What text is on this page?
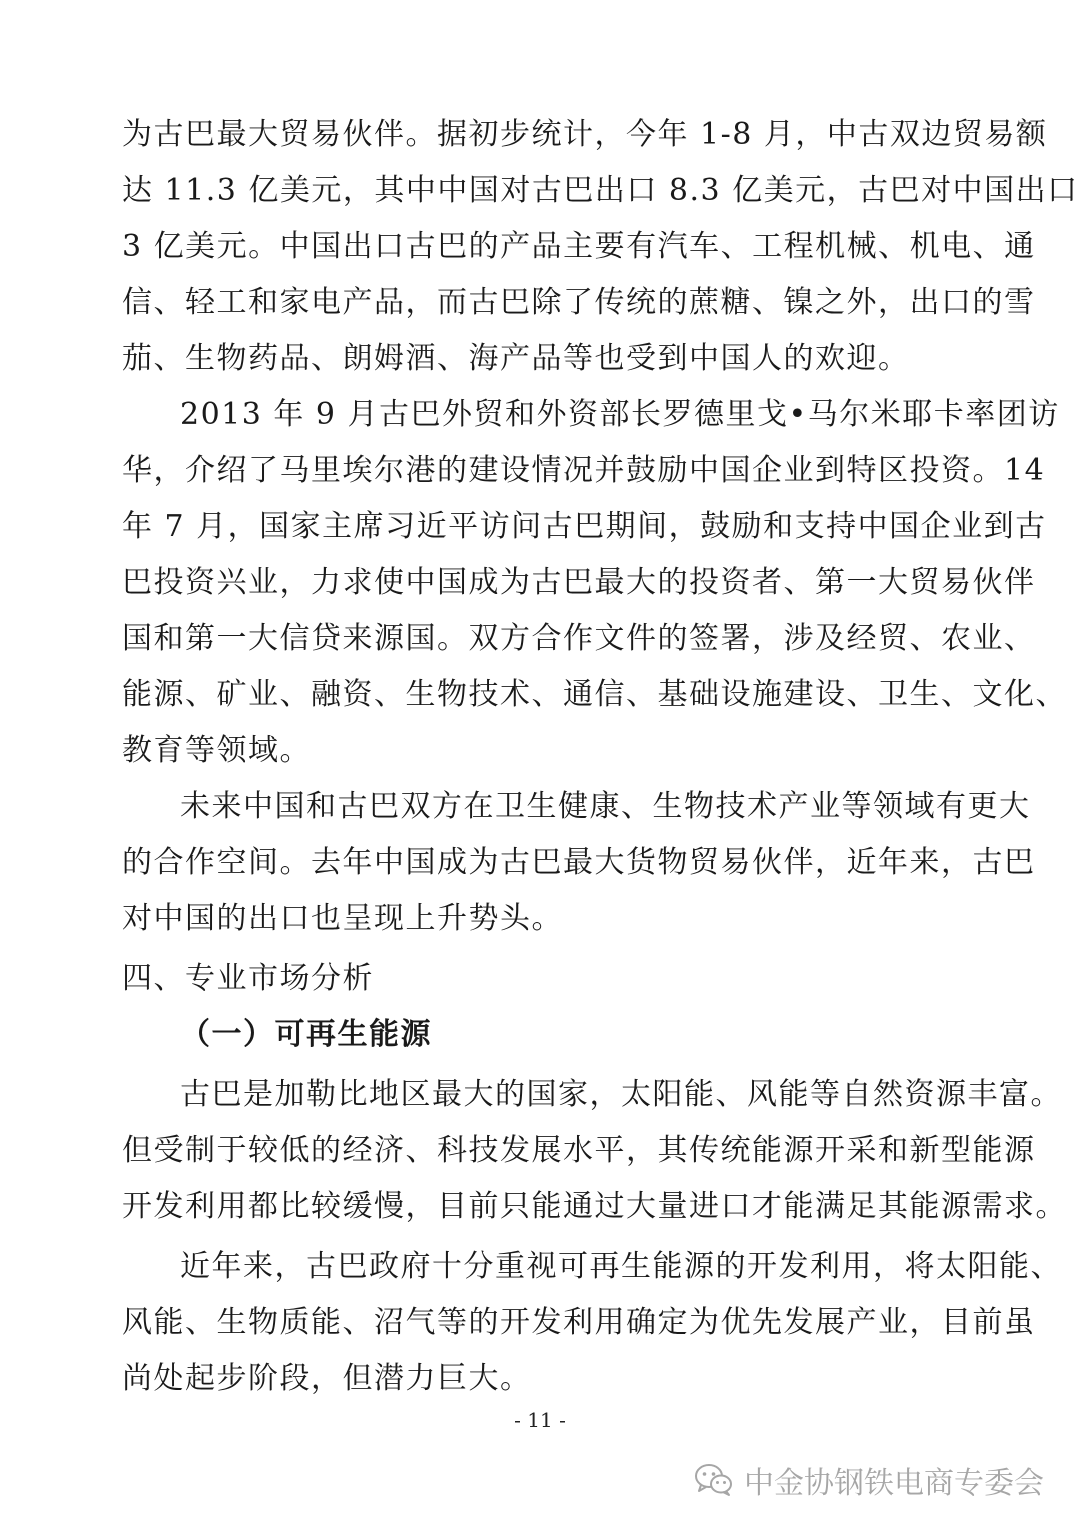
为古巴最大贸易伙伴。据初步统计，今年 1-8 月，中古双边贸易额
达 11.3 亿美元，其中中国对古巴出口 8.3 亿美元，古巴对中国出口
3 亿美元。中国出口古巴的产品主要有汽车、工程机械、机电、通
信、轻工和家电产品，而古巴除了传统的蔗糖、镍之外，出口的雪
茄、生物药品、朗姆酒、海产品等也受到中国人的欢迎。
2013 年 9 月古巴外贸和外资部长罗德里戈•马尔米耶卡率团访
华，介绍了马里埃尔港的建设情况并鼓励中国企业到特区投资。14
年 7 月，国家主席习近平访问古巴期间，鼓励和支持中国企业到古
巴投资兴业，力求使中国成为古巴最大的投资者、第一大贸易伙伴
国和第一大信贷来源国。双方合作文件的签署，涉及经贸、农业、
能源、矿业、融资、生物技术、通信、基础设施建设、卫生、文化、
教育等领域。
未来中国和古巴双方在卫生健康、生物技术产业等领域有更大
的合作空间。去年中国成为古巴最大货物贸易伙伴，近年来，古巴
对中国的出口也呈现上升势头。
四、专业市场分析
（一）可再生能源
古巴是加勒比地区最大的国家，太阳能、风能等自然资源丰富。
但受制于较低的经济、科技发展水平，其传统能源开采和新型能源
开发利用都比较缓慢，目前只能通过大量进口才能满足其能源需求。
近年来，古巴政府十分重视可再生能源的开发利用，将太阳能、
风能、生物质能、沼气等的开发利用确定为优先发展产业，目前虽
尚处起步阶段，但潜力巨大。
- 11 -
中金协钢铁电商专委会
